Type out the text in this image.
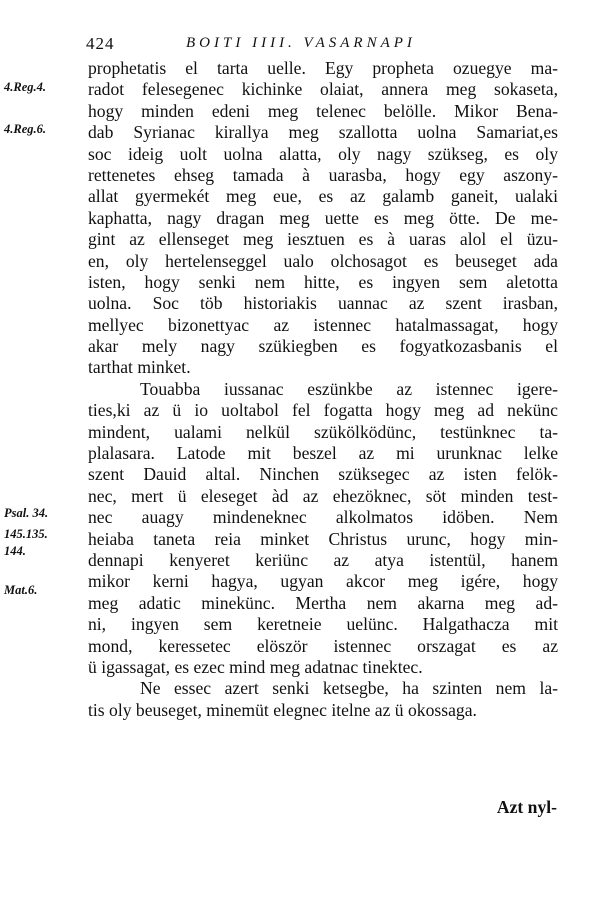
424	BOITI IIII. VASARNAPI
4.Reg.4.
4.Reg.6.
Psal. 34.
145.135.
144.
Mat.6.
prophetatis el tarta uelle. Egy propheta ozuegye ma-
radot felesegenec kichinke olaiat, annera meg sokaseta,
hogy minden edeni meg telenec belölle. Mikor Bena-
dab Syrianac kirallya meg szallotta uolna Samariat,es
soc ideig uolt uolna alatta, oly nagy szükseg, es oly
rettenetes ehseg tamada à uarasba, hogy egy aszony-
allat gyermekét meg eue, es az galamb ganeit, ualaki
kaphatta, nagy dragan meg uette es meg ötte. De me-
gint az ellenseget meg iesztuen es à uaras alol el üzu-
en, oly hertelenseggel ualo olchosagot es beuseget ada
isten, hogy senki nem hitte, es ingyen sem aletotta
uolna. Soc töb historiakis uannac az szent irasban,
mellyec bizonettyac az istennec hatalmassagat, hogy
akar mely nagy szükiegben es fogyatkozasbanis el
tarthat minket.
Touabba iussanac eszünkbe az istennec igere-
ties,ki az ü io uoltabol fel fogatta hogy meg ad nekünc
mindent, ualami nelkül szükölködünc, testünknec ta-
plalasara. Latode mit beszel az mi urunknac lelke
szent Dauid altal. Ninchen szüksegec az isten felök-
nec, mert ü eleseget àd az ehezöknec, söt minden test-
nec auagy mindeneknec alkolmatos idöben. Nem
heiaba taneta reia minket Christus urunc, hogy min-
dennapi kenyeret keriünc az atya istentül, hanem
mikor kerni hagya, ugyan akcor meg igére, hogy
meg adatic minekünc. Mertha nem akarna meg ad-
ni, ingyen sem keretneie uelünc. Halgathacza mit
mond, keressetec elöször istennec orszagat es az
ü igassagat, es ezec mind meg adatnac tinektec.
Ne essec azert senki ketsegbe, ha szinten nem la-
tis oly beuseget, minemüt elegnec itelne az ü okossaga.
Azt nyl-
